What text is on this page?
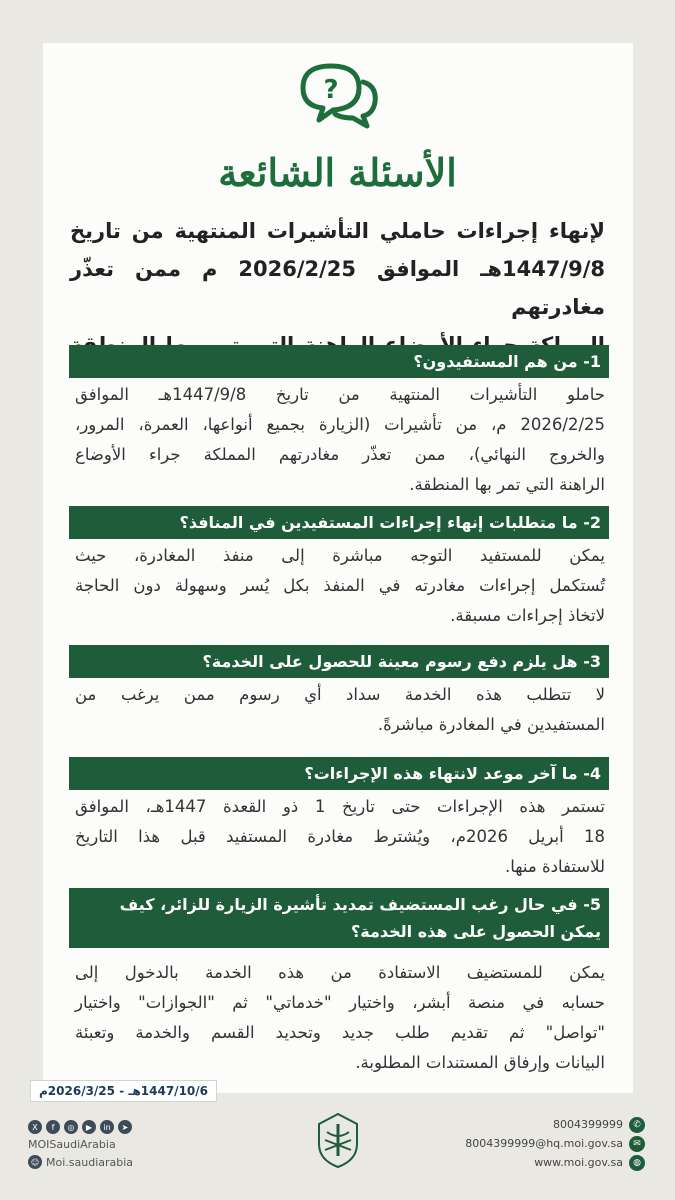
?
الأسئلة الشائعة
لإنهاء إجراءات حاملي التأشيرات المنتهية من تاريخ
1447/9/8هـ الموافق 2026/2/25 م ممن تعذّر مغادرتهم
1- من هم المستفيدون؟
حاملو التأشيرات المنتهية من تاريخ 1447/9/8هـ الموافق
2026/2/25 م، من تأشيرات (الزيارة بجميع أنواعها، العمرة، المرور،
والخروج النهائي)، ممن تعذّر مغادرتهم المملكة جراء الأوضاع
الراهنة التي تمر بها المنطقة.
2- ما متطلبات إنهاء إجراءات المستفيدين في المنافذ؟
يمكن للمستفيد التوجه مباشرة إلى منفذ المغادرة، حيث
تُستكمل إجراءات مغادرته في المنفذ بكل يُسر وسهولة دون الحاجة
لاتخاذ إجراءات مسبقة.
3- هل يلزم دفع رسوم معينة للحصول على الخدمة؟
لا تتطلب هذه الخدمة سداد أي رسوم ممن يرغب من
المستفيدين في المغادرة مباشرةً.
4- ما آخر موعد لانتهاء هذه الإجراءات؟
تستمر هذه الإجراءات حتى تاريخ 1 ذو القعدة 1447هـ، الموافق
18 أبريل 2026م، ويُشترط مغادرة المستفيد قبل هذا التاريخ
للاستفادة منها.
5- في حال رغب المستضيف تمديد تأشيرة الزيارة للزائر، كيف يمكن الحصول على هذه الخدمة؟
يمكن للمستضيف الاستفادة من هذه الخدمة بالدخول إلى
حسابه في منصة أبشر، واختيار "خدماتي" ثم "الجوازات" واختيار
"تواصل" ثم تقديم طلب جديد وتحديد القسم والخدمة وتعبئة
البيانات وإرفاق المستندات المطلوبة.
1447/10/6هـ - 2026/3/25م
X	f	◎	▶	in	➤
MOISaudiArabia
☺ Moi.saudiarabia
8004399999	✆
8004399999@hq.moi.gov.sa	✉
www.moi.gov.sa	◍
